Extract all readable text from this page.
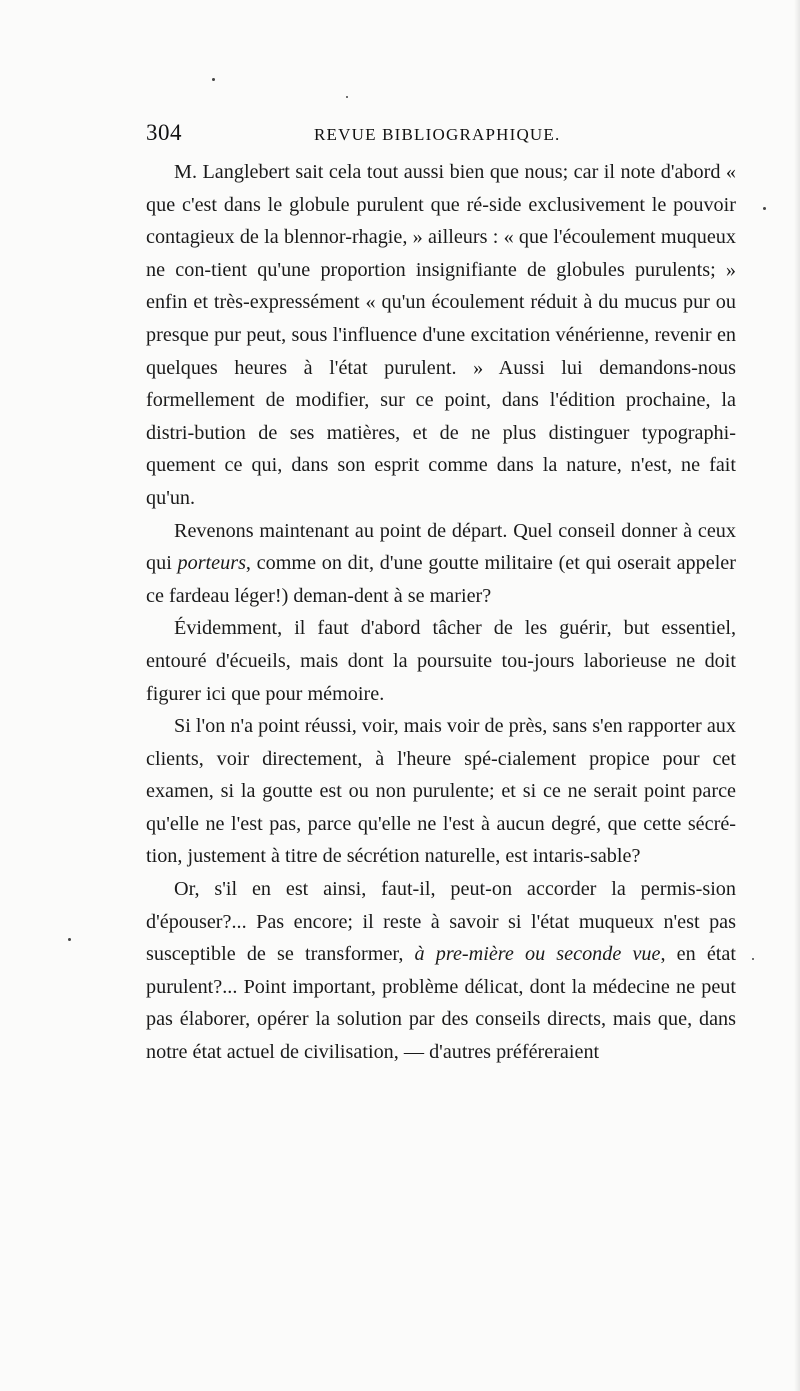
304	REVUE BIBLIOGRAPHIQUE.

M. Langlebert sait cela tout aussi bien que nous; car il note d'abord « que c'est dans le globule purulent que ré-side exclusivement le pouvoir contagieux de la blennor-rhagie, » ailleurs : « que l'écoulement muqueux ne con-tient qu'une proportion insignifiante de globules purulents; » enfin et très-expressément « qu'un écoulement réduit à du mucus pur ou presque pur peut, sous l'influence d'une excitation vénérienne, revenir en quelques heures à l'état purulent. » Aussi lui demandons-nous formellement de modifier, sur ce point, dans l'édition prochaine, la distri-bution de ses matières, et de ne plus distinguer typographi-quement ce qui, dans son esprit comme dans la nature, n'est, ne fait qu'un.

Revenons maintenant au point de départ. Quel conseil donner à ceux qui porteurs, comme on dit, d'une goutte militaire (et qui oserait appeler ce fardeau léger!) deman-dent à se marier?

Évidemment, il faut d'abord tâcher de les guérir, but essentiel, entouré d'écueils, mais dont la poursuite tou-jours laborieuse ne doit figurer ici que pour mémoire.

Si l'on n'a point réussi, voir, mais voir de près, sans s'en rapporter aux clients, voir directement, à l'heure spé-cialement propice pour cet examen, si la goutte est ou non purulente; et si ce ne serait point parce qu'elle ne l'est pas, parce qu'elle ne l'est à aucun degré, que cette sécré-tion, justement à titre de sécrétion naturelle, est intaris-sable?

Or, s'il en est ainsi, faut-il, peut-on accorder la permis-sion d'épouser?... Pas encore; il reste à savoir si l'état muqueux n'est pas susceptible de se transformer, à pre-mière ou seconde vue, en état purulent?... Point important, problème délicat, dont la médecine ne peut pas élaborer, opérer la solution par des conseils directs, mais que, dans notre état actuel de civilisation, — d'autres préféreraient
